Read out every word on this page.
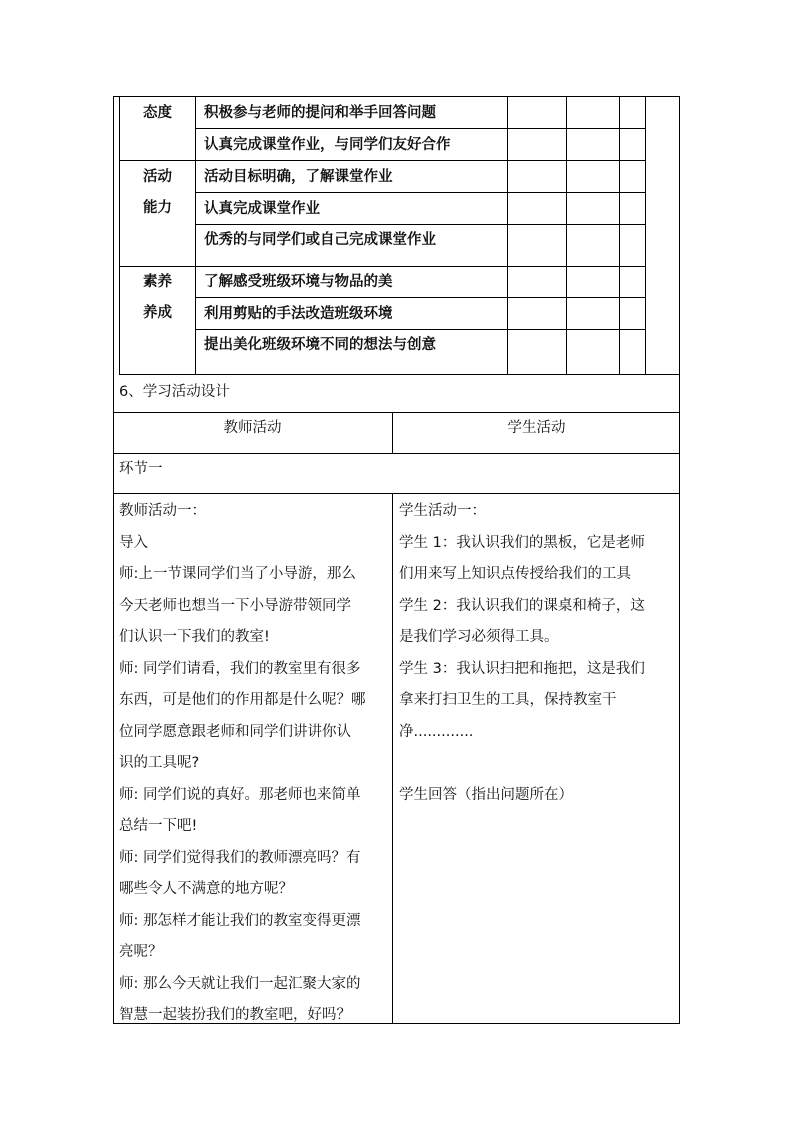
态度
活动
能力
素养
养成
积极参与老师的提问和举手回答问题
认真完成课堂作业，与同学们友好合作
活动目标明确，了解课堂作业
认真完成课堂作业
优秀的与同学们或自己完成课堂作业
了解感受班级环境与物品的美
利用剪贴的手法改造班级环境
提出美化班级环境不同的想法与创意
6、学习活动设计
教师活动	学生活动
环节一
教师活动一：
导入
师:上一节课同学们当了小导游，那么
今天老师也想当一下小导游带领同学
们认识一下我们的教室!
师: 同学们请看，我们的教室里有很多
东西，可是他们的作用都是什么呢？哪
位同学愿意跟老师和同学们讲讲你认
识的工具呢?
师: 同学们说的真好。那老师也来简单
总结一下吧!
师: 同学们觉得我们的教师漂亮吗？有
哪些令人不满意的地方呢？
师: 那怎样才能让我们的教室变得更漂
亮呢？
师: 那么今天就让我们一起汇聚大家的
智慧一起装扮我们的教室吧，好吗？
学生活动一：
学生 1：我认识我们的黑板，它是老师
们用来写上知识点传授给我们的工具
学生 2：我认识我们的课桌和椅子，这
是我们学习必须得工具。
学生 3：我认识扫把和拖把，这是我们
拿来打扫卫生的工具，保持教室干
净.............

学生回答（指出问题所在）
